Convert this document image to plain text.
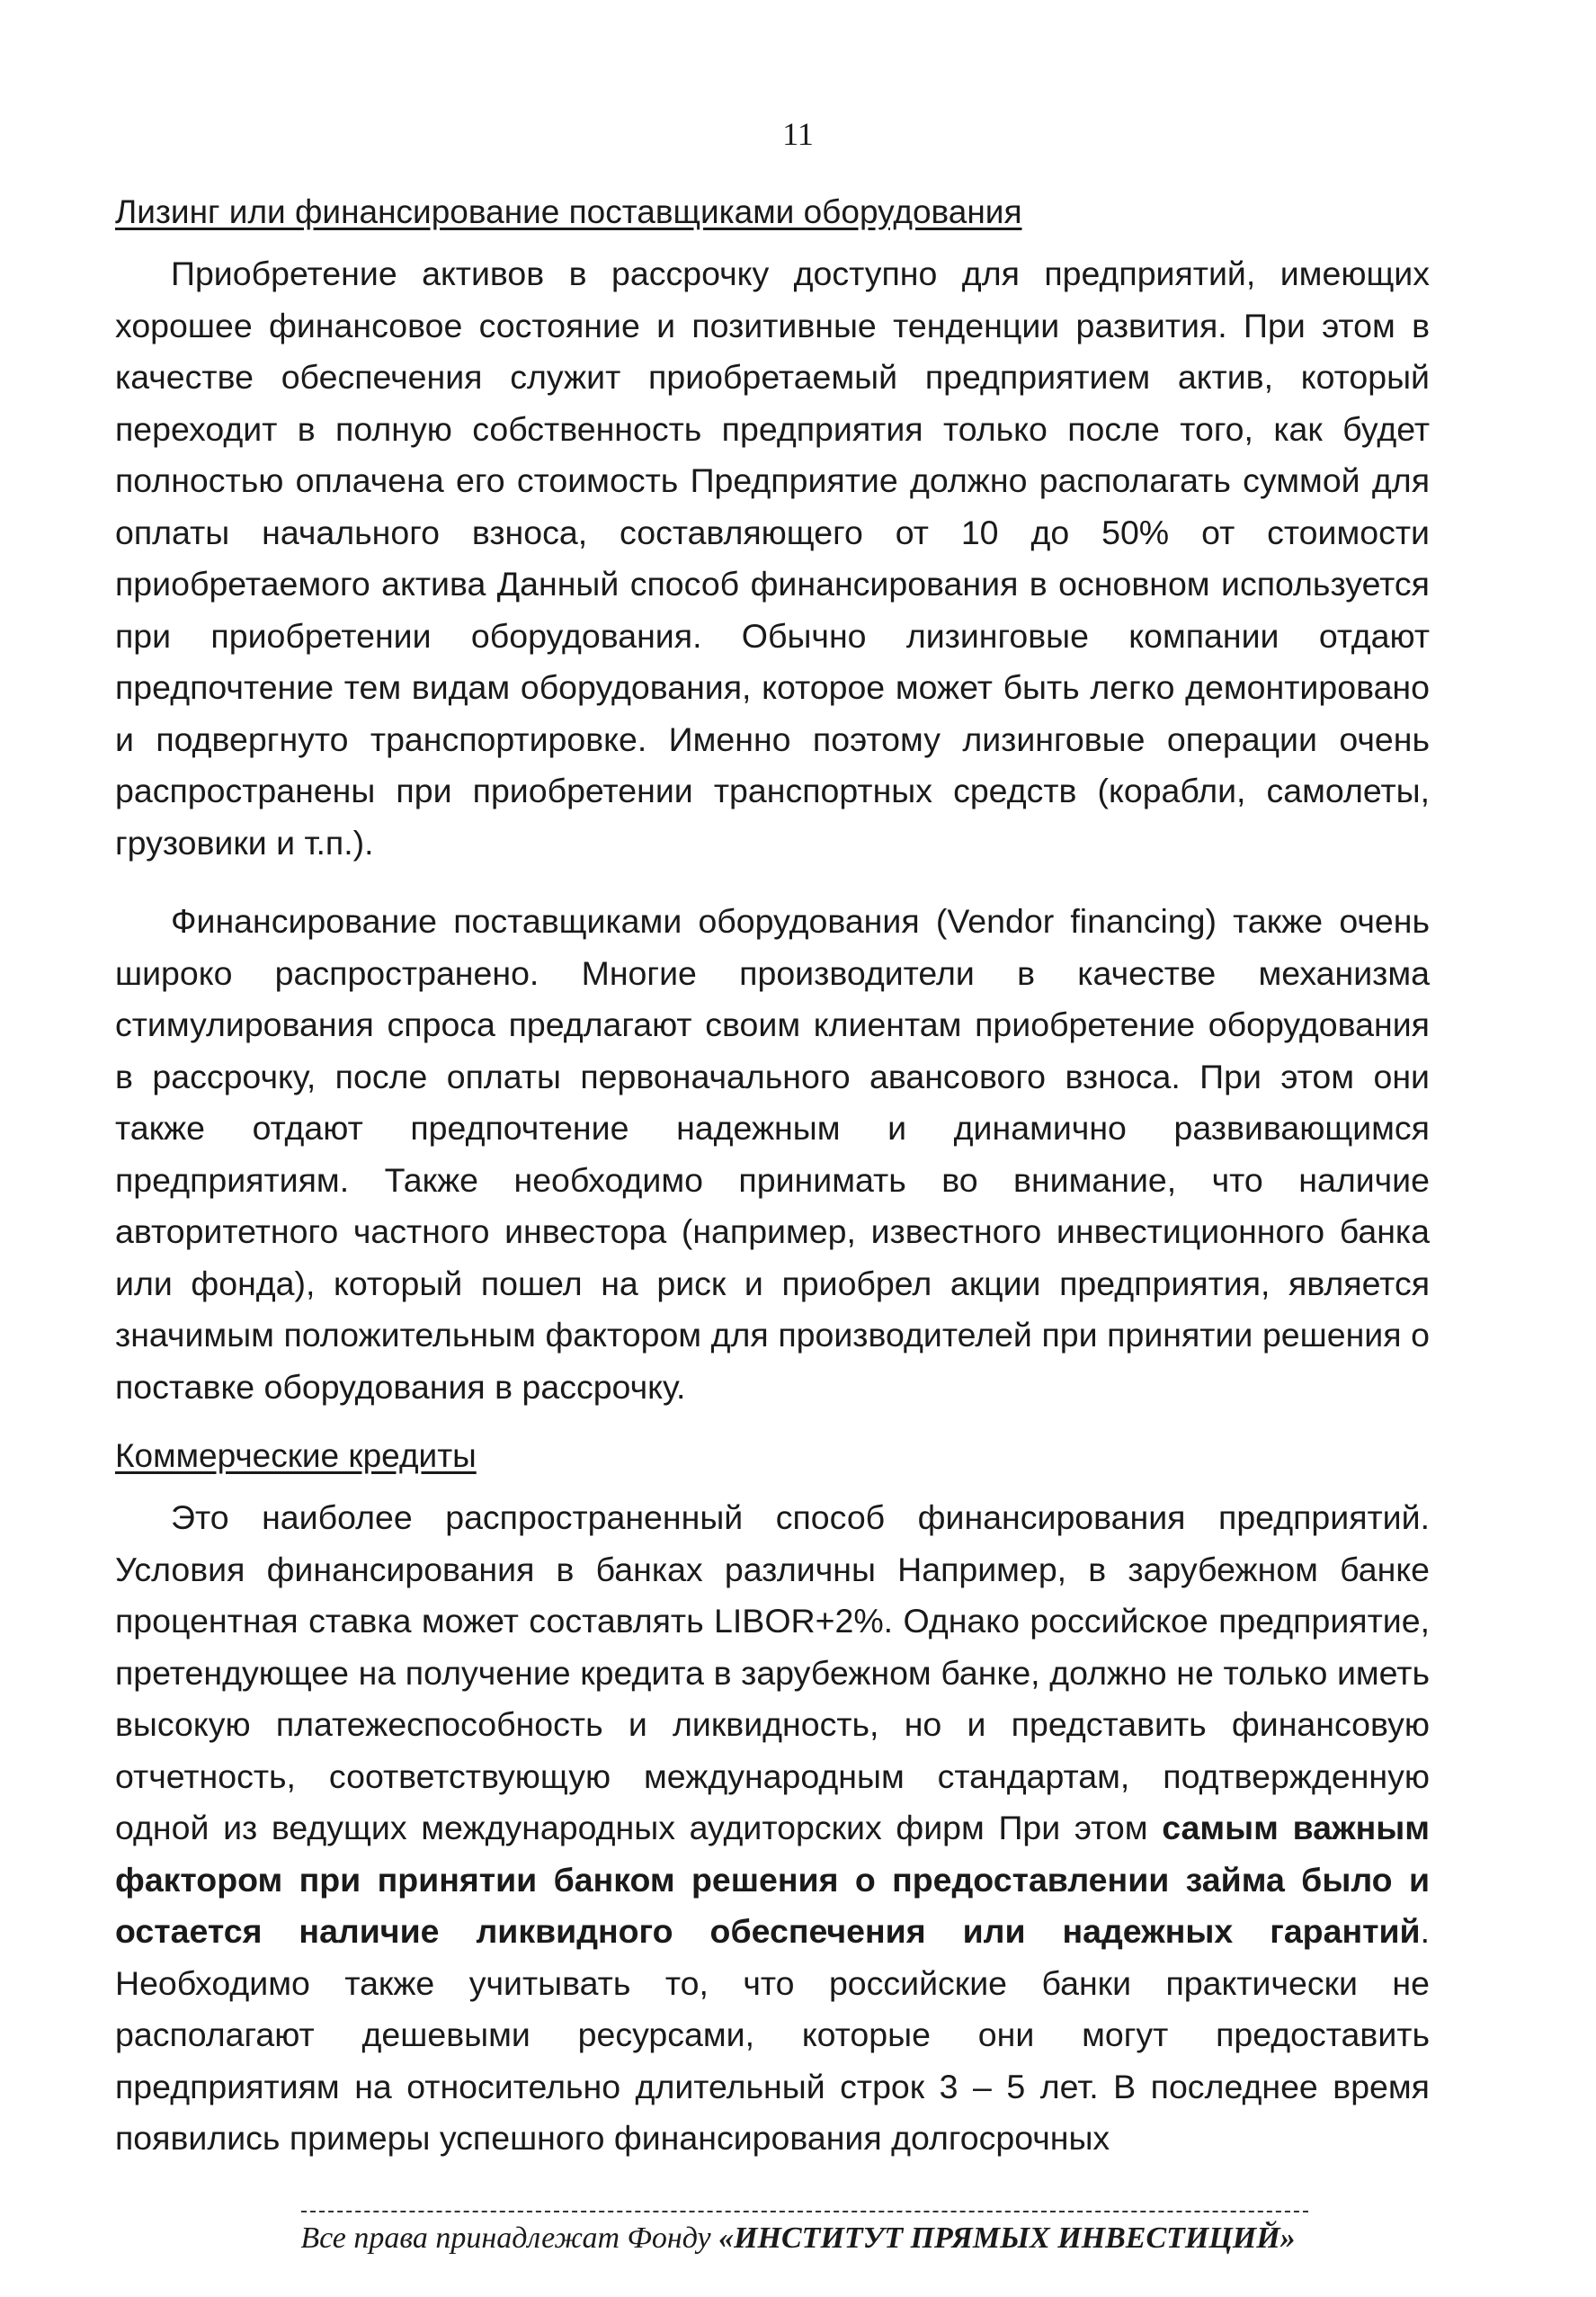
11
Лизинг или финансирование поставщиками оборудования

Приобретение активов в рассрочку доступно для предприятий, имеющих хорошее финансовое состояние и позитивные тенденции развития. При этом в качестве обеспечения служит приобретаемый предприятием актив, который переходит в полную собственность предприятия только после того, как будет полностью оплачена его стоимость Предприятие должно располагать суммой для оплаты начального взноса, составляющего от 10 до 50% от стоимости приобретаемого актива Данный способ финансирования в основном используется при приобретении оборудования. Обычно лизинговые компании отдают предпочтение тем видам оборудования, которое может быть легко демонтировано и подвергнуто транспортировке. Именно поэтому лизинговые операции очень распространены при приобретении транспортных средств (корабли, самолеты, грузовики и т.п.).

Финансирование поставщиками оборудования (Vendor financing) также очень широко распространено. Многие производители в качестве механизма стимулирования спроса предлагают своим клиентам приобретение оборудования в рассрочку, после оплаты первоначального авансового взноса. При этом они также отдают предпочтение надежным и динамично развивающимся предприятиям. Также необходимо принимать во внимание, что наличие авторитетного частного инвестора (например, известного инвестиционного банка или фонда), который пошел на риск и приобрел акции предприятия, является значимым положительным фактором для производителей при принятии решения о поставке оборудования в рассрочку.

Коммерческие кредиты

Это наиболее распространенный способ финансирования предприятий. Условия финансирования в банках различны Например, в зарубежном банке процентная ставка может составлять LIBOR+2%. Однако российское предприятие, претендующее на получение кредита в зарубежном банке, должно не только иметь высокую платежеспособность и ликвидность, но и представить финансовую отчетность, соответствующую международным стандартам, подтвержденную одной из ведущих международных аудиторских фирм При этом самым важным фактором при принятии банком решения о предоставлении займа было и остается наличие ликвидного обеспечения или надежных гарантий. Необходимо также учитывать то, что российские банки практически не располагают дешевыми ресурсами, которые они могут предоставить предприятиям на относительно длительный строк 3 – 5 лет. В последнее время появились примеры успешного финансирования долгосрочных

Все права принадлежат Фонду «ИНСТИТУТ ПРЯМЫХ ИНВЕСТИЦИЙ»
